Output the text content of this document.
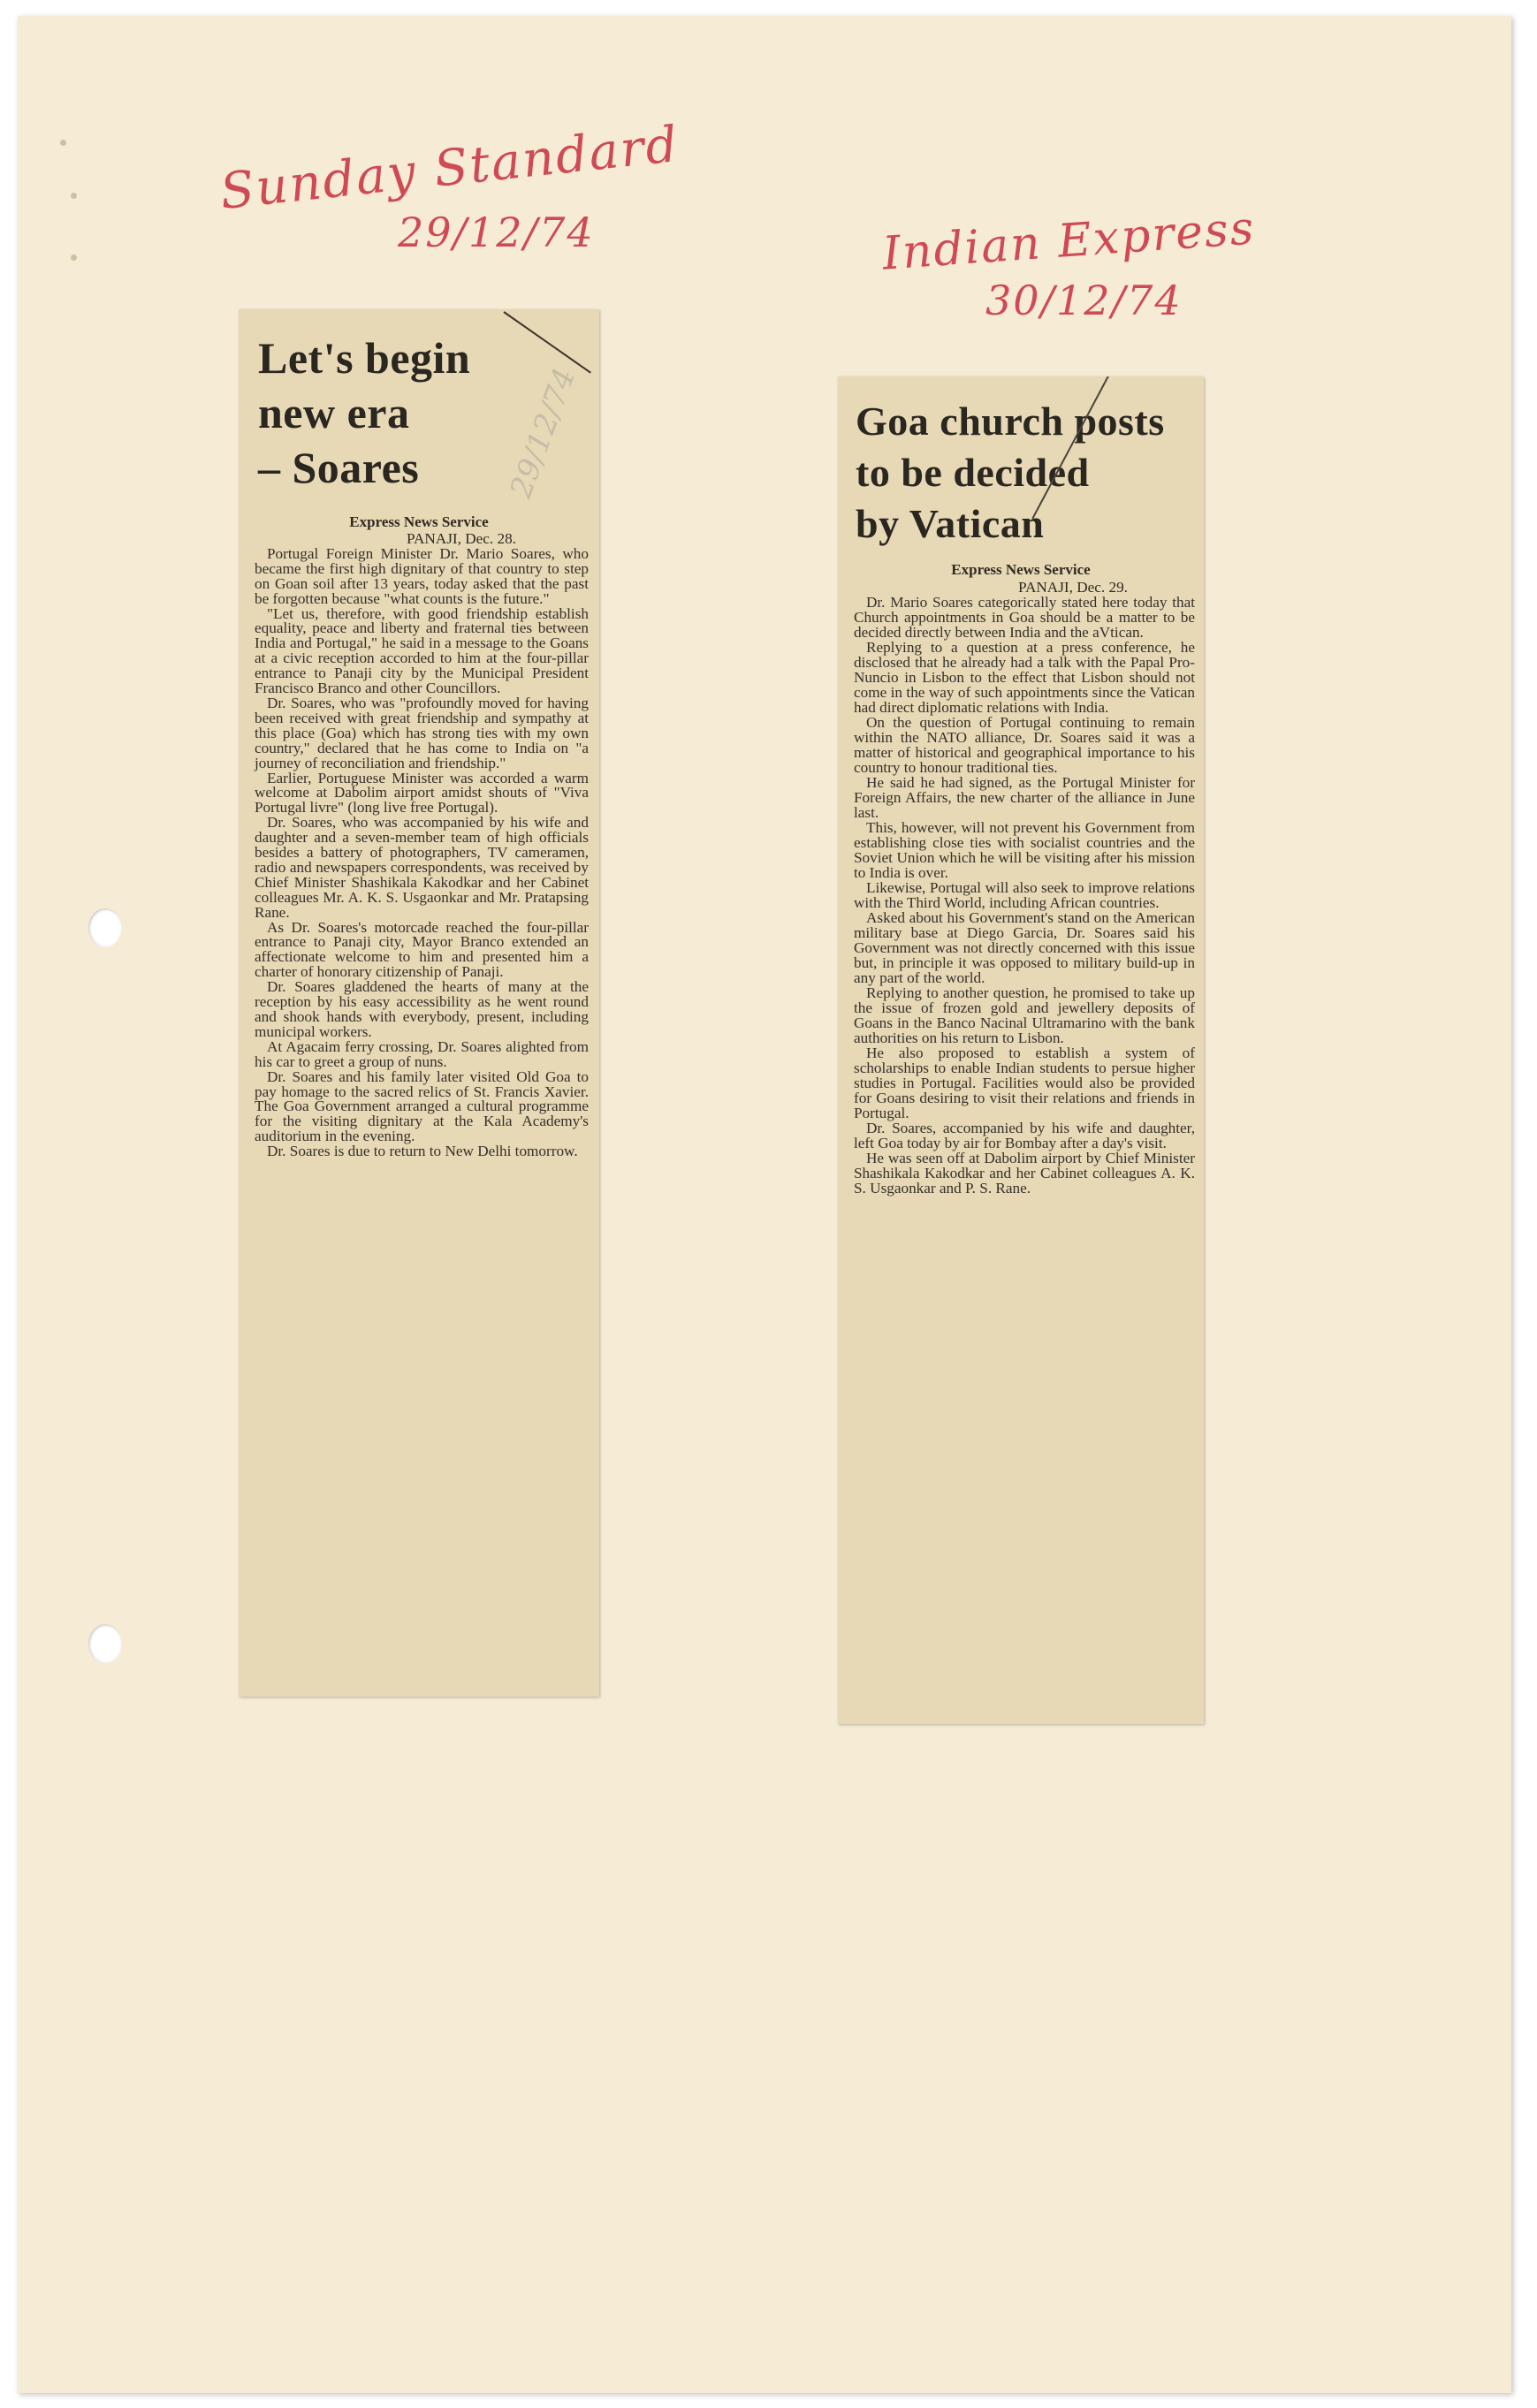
Sunday Standard
29/12/74	Indian Express
30/12/74
29/12/74
Let's begin
new era
– Soares
Express News Service
PANAJI, Dec. 28.

Portugal Foreign Minister Dr. Mario Soares, who became the first high dignitary of that country to step on Goan soil after 13 years, today asked that the past be forgotten because "what counts is the future."

"Let us, therefore, with good friendship establish equality, peace and liberty and fraternal ties between India and Portugal," he said in a message to the Goans at a civic reception accorded to him at the four-pillar entrance to Panaji city by the Municipal President Francisco Branco and other Councillors.

Dr. Soares, who was "profoundly moved for having been received with great friendship and sympathy at this place (Goa) which has strong ties with my own country," declared that he has come to India on "a journey of reconciliation and friendship."

Earlier, Portuguese Minister was accorded a warm welcome at Dabolim airport amidst shouts of "Viva Portugal livre" (long live free Portugal).

Dr. Soares, who was accompanied by his wife and daughter and a seven-member team of high officials besides a battery of photographers, TV cameramen, radio and newspapers correspondents, was received by Chief Minister Shashikala Kakodkar and her Cabinet colleagues Mr. A. K. S. Usgaonkar and Mr. Pratapsing Rane.

As Dr. Soares's motorcade reached the four-pillar entrance to Panaji city, Mayor Branco extended an affectionate welcome to him and presented him a charter of honorary citizenship of Panaji.

Dr. Soares gladdened the hearts of many at the reception by his easy accessibility as he went round and shook hands with everybody, present, including municipal workers.

At Agacaim ferry crossing, Dr. Soares alighted from his car to greet a group of nuns.

Dr. Soares and his family later visited Old Goa to pay homage to the sacred relics of St. Francis Xavier. The Goa Government arranged a cultural programme for the visiting dignitary at the Kala Academy's auditorium in the evening.

Dr. Soares is due to return to New Delhi tomorrow.

Goa church posts
to be decided
by Vatican
Express News Service
PANAJI, Dec. 29.

Dr. Mario Soares categorically stated here today that Church appointments in Goa should be a matter to be decided directly between India and the aVtican.

Replying to a question at a press conference, he disclosed that he already had a talk with the Papal Pro-Nuncio in Lisbon to the effect that Lisbon should not come in the way of such appointments since the Vatican had direct diplomatic relations with India.

On the question of Portugal continuing to remain within the NATO alliance, Dr. Soares said it was a matter of historical and geographical importance to his country to honour traditional ties.

He said he had signed, as the Portugal Minister for Foreign Affairs, the new charter of the alliance in June last.

This, however, will not prevent his Government from establishing close ties with socialist countries and the Soviet Union which he will be visiting after his mission to India is over.

Likewise, Portugal will also seek to improve relations with the Third World, including African countries.

Asked about his Government's stand on the American military base at Diego Garcia, Dr. Soares said his Government was not directly concerned with this issue but, in principle it was opposed to military build-up in any part of the world.

Replying to another question, he promised to take up the issue of frozen gold and jewellery deposits of Goans in the Banco Nacinal Ultramarino with the bank authorities on his return to Lisbon.

He also proposed to establish a system of scholarships to enable Indian students to persue higher studies in Portugal. Facilities would also be provided for Goans desiring to visit their relations and friends in Portugal.

Dr. Soares, accompanied by his wife and daughter, left Goa today by air for Bombay after a day's visit.

He was seen off at Dabolim airport by Chief Minister Shashikala Kakodkar and her Cabinet colleagues A. K. S. Usgaonkar and P. S. Rane.
